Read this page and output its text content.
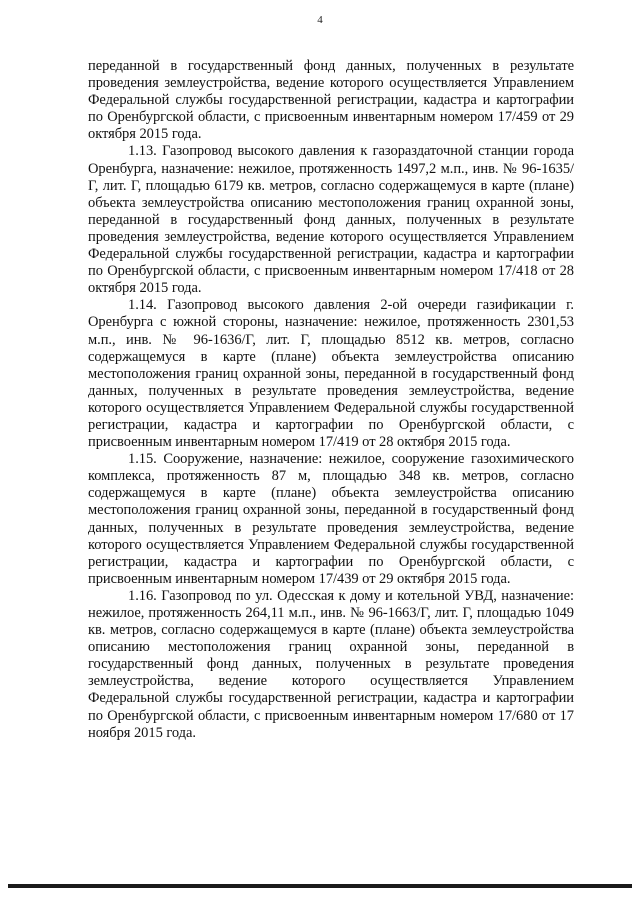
4

переданной в государственный фонд данных, полученных в результате проведения землеустройства, ведение которого осуществляется Управлением Федеральной службы государственной регистрации, кадастра и картографии по Оренбургской области, с присвоенным инвентарным номером 17/459 от 29 октября 2015 года.

1.13. Газопровод высокого давления к газораздаточной станции города Оренбурга, назначение: нежилое, протяженность 1497,2 м.п., инв. № 96-1635/Г, лит. Г, площадью 6179 кв. метров, согласно содержащемуся в карте (плане) объекта землеустройства описанию местоположения границ охранной зоны, переданной в государственный фонд данных, полученных в результате проведения землеустройства, ведение которого осуществляется Управлением Федеральной службы государственной регистрации, кадастра и картографии по Оренбургской области, с присвоенным инвентарным номером 17/418 от 28 октября 2015 года.

1.14. Газопровод высокого давления 2-ой очереди газификации г. Оренбурга с южной стороны, назначение: нежилое, протяженность 2301,53 м.п., инв. № 96-1636/Г, лит. Г, площадью 8512 кв. метров, согласно содержащемуся в карте (плане) объекта землеустройства описанию местоположения границ охранной зоны, переданной в государственный фонд данных, полученных в результате проведения землеустройства, ведение которого осуществляется Управлением Федеральной службы государственной регистрации, кадастра и картографии по Оренбургской области, с присвоенным инвентарным номером 17/419 от 28 октября 2015 года.

1.15. Сооружение, назначение: нежилое, сооружение газохимического комплекса, протяженность 87 м, площадью 348 кв. метров, согласно содержащемуся в карте (плане) объекта землеустройства описанию местоположения границ охранной зоны, переданной в государственный фонд данных, полученных в результате проведения землеустройства, ведение которого осуществляется Управлением Федеральной службы государственной регистрации, кадастра и картографии по Оренбургской области, с присвоенным инвентарным номером 17/439 от 29 октября 2015 года.

1.16. Газопровод по ул. Одесская к дому и котельной УВД, назначение: нежилое, протяженность 264,11 м.п., инв. № 96-1663/Г, лит. Г, площадью 1049 кв. метров, согласно содержащемуся в карте (плане) объекта землеустройства описанию местоположения границ охранной зоны, переданной в государственный фонд данных, полученных в результате проведения землеустройства, ведение которого осуществляется Управлением Федеральной службы государственной регистрации, кадастра и картографии по Оренбургской области, с присвоенным инвентарным номером 17/680 от 17 ноября 2015 года.
